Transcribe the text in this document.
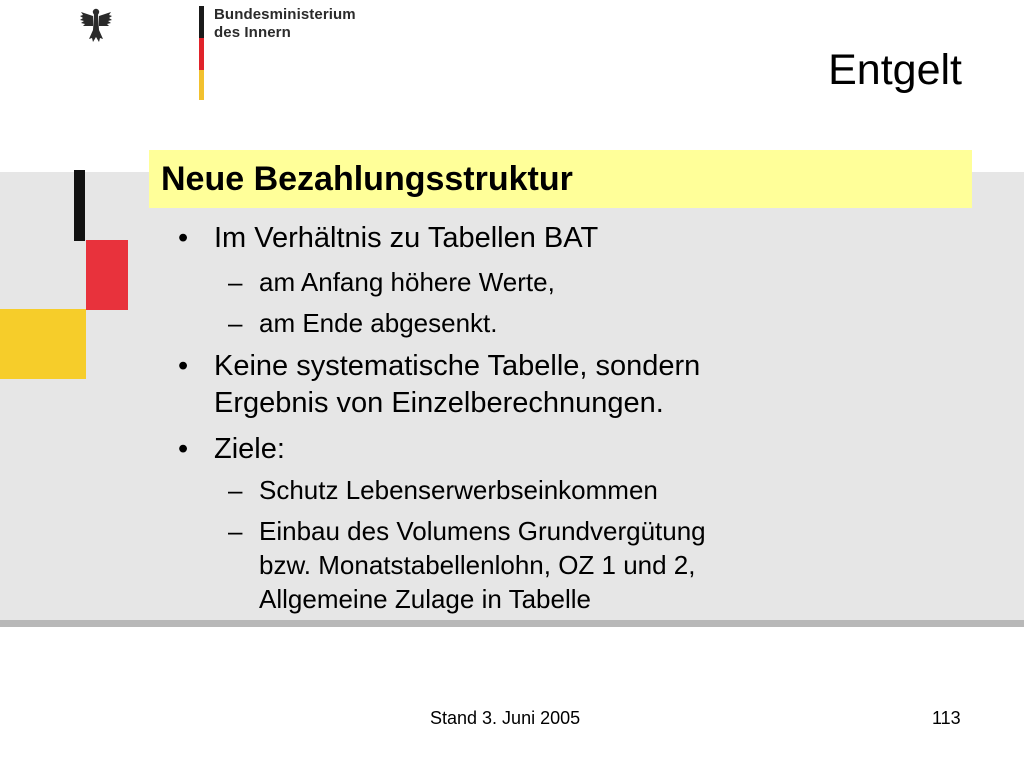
Bundesministerium
des Innern
Entgelt
Neue Bezahlungsstruktur
• Im Verhältnis zu Tabellen BAT
– am Anfang höhere Werte,
– am Ende abgesenkt.
• Keine systematische Tabelle, sondern
Ergebnis von Einzelberechnungen.
• Ziele:
– Schutz Lebenserwerbseinkommen
– Einbau des Volumens Grundvergütung
bzw. Monatstabellenlohn, OZ 1 und 2,
Allgemeine Zulage in Tabelle
Stand 3. Juni 2005	113
